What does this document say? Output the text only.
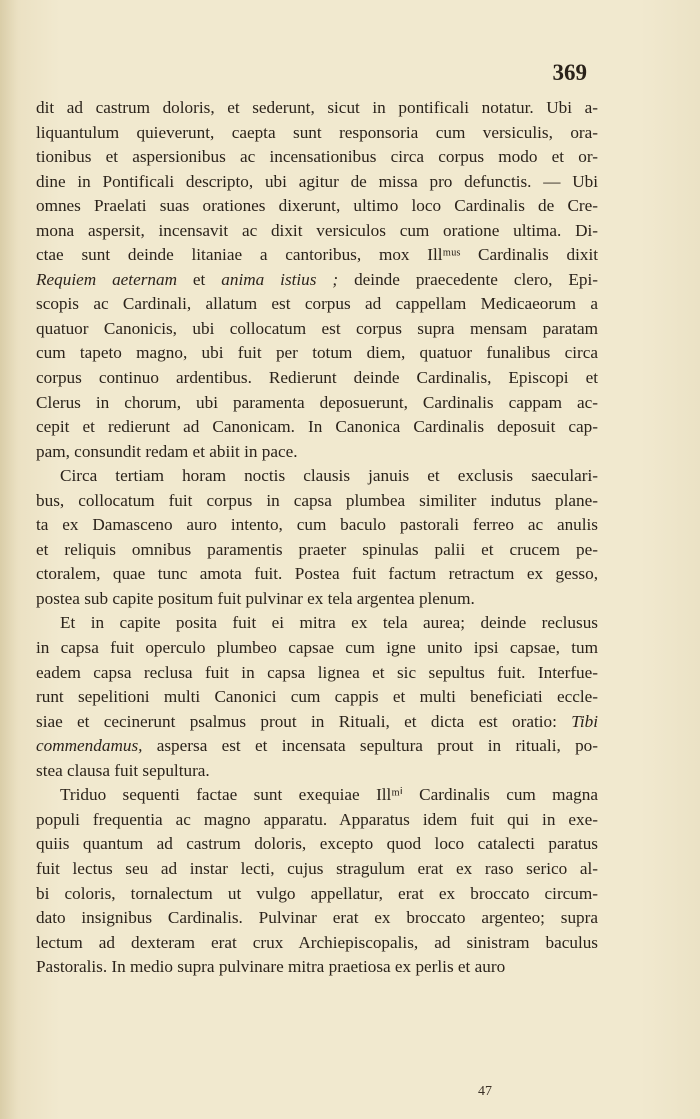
369
dit ad castrum doloris, et sederunt, sicut in pontificali notatur. Ubi a-
liquantulum quieverunt, caepta sunt responsoria cum versiculis, ora-
tionibus et aspersionibus ac incensationibus circa corpus modo et or-
dine in Pontificali descripto, ubi agitur de missa pro defunctis. — Ubi
omnes Praelati suas orationes dixerunt, ultimo loco Cardinalis de Cre-
mona aspersit, incensavit ac dixit versiculos cum oratione ultima. Di-
ctae sunt deinde litaniae a cantoribus, mox Illᵐᵘˢ Cardinalis dixit
Requiem aeternam et anima istius ; deinde praecedente clero, Epi-
scopis ac Cardinali, allatum est corpus ad cappellam Medicaeorum a
quatuor Canonicis, ubi collocatum est corpus supra mensam paratam
cum tapeto magno, ubi fuit per totum diem, quatuor funalibus circa
corpus continuo ardentibus. Redierunt deinde Cardinalis, Episcopi et
Clerus in chorum, ubi paramenta deposuerunt, Cardinalis cappam ac-
cepit et redierunt ad Canonicam. In Canonica Cardinalis deposuit cap-
pam, consundit redam et abiit in pace.
Circa tertiam horam noctis clausis januis et exclusis saeculari-
bus, collocatum fuit corpus in capsa plumbea similiter indutus plane-
ta ex Damasceno auro intento, cum baculo pastorali ferreo ac anulis
et reliquis omnibus paramentis praeter spinulas palii et crucem pe-
ctoralem, quae tunc amota fuit. Postea fuit factum retractum ex gesso,
postea sub capite positum fuit pulvinar ex tela argentea plenum.
Et in capite posita fuit ei mitra ex tela aurea; deinde reclusus
in capsa fuit operculo plumbeo capsae cum igne unito ipsi capsae, tum
eadem capsa reclusa fuit in capsa lignea et sic sepultus fuit. Interfue-
runt sepelitioni multi Canonici cum cappis et multi beneficiati eccle-
siae et cecinerunt psalmus prout in Rituali, et dicta est oratio: Tibi
commendamus, aspersa est et incensata sepultura prout in rituali, po-
stea clausa fuit sepultura.
Triduo sequenti factae sunt exequiae Illᵐⁱ Cardinalis cum magna
populi frequentia ac magno apparatu. Apparatus idem fuit qui in exe-
quiis quantum ad castrum doloris, excepto quod loco catalecti paratus
fuit lectus seu ad instar lecti, cujus stragulum erat ex raso serico al-
bi coloris, tornalectum ut vulgo appellatur, erat ex broccato circum-
dato insignibus Cardinalis. Pulvinar erat ex broccato argenteo; supra
lectum ad dexteram erat crux Archiepiscopalis, ad sinistram baculus
Pastoralis. In medio supra pulvinare mitra praetiosa ex perlis et auro
47
